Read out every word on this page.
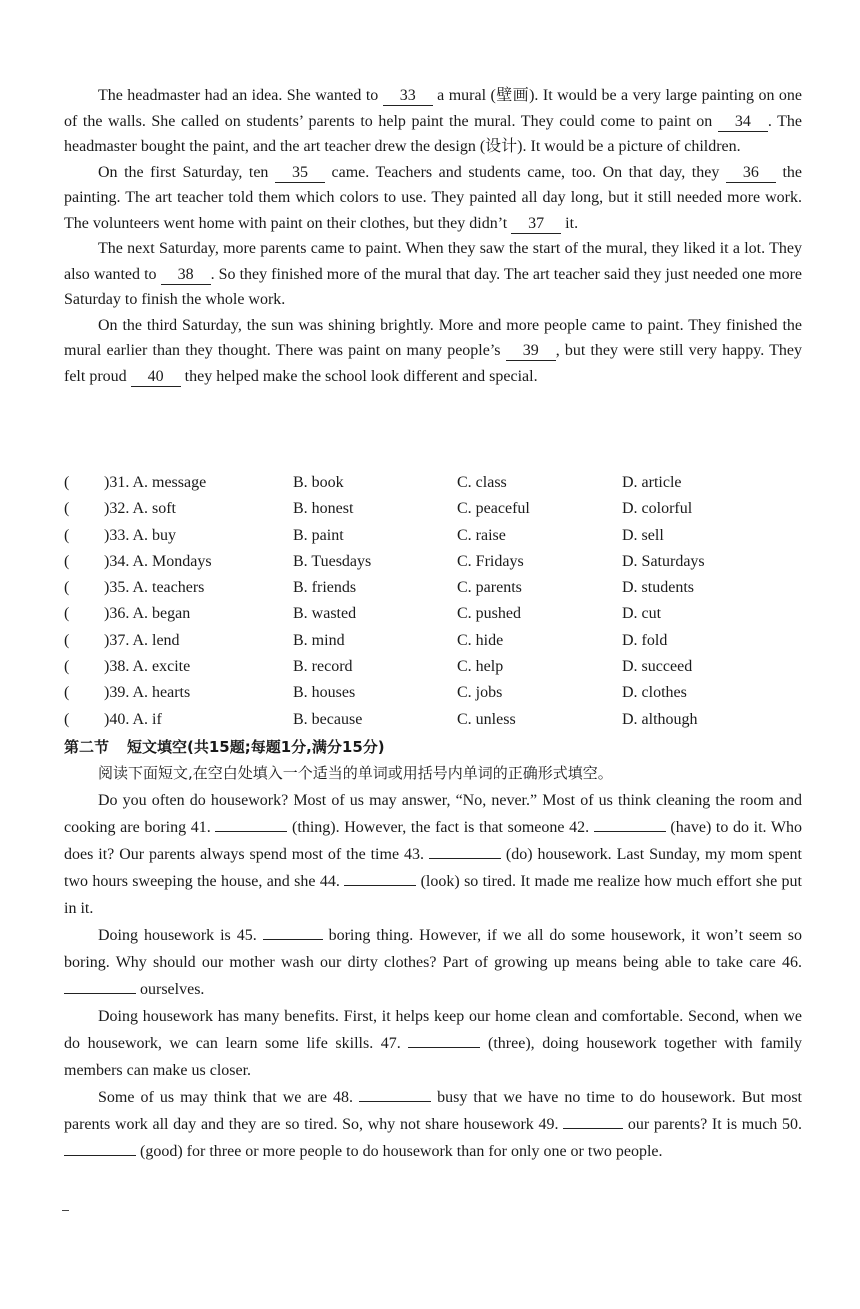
The headmaster had an idea. She wanted to 33 a mural (壁画). It would be a very large painting on one of the walls. She called on students’ parents to help paint the mural. They could come to paint on 34 . The headmaster bought the paint, and the art teacher drew the design (设计). It would be a picture of children.

On the first Saturday, ten 35 came. Teachers and students came, too. On that day, they 36 the painting. The art teacher told them which colors to use. They painted all day long, but it still needed more work. The volunteers went home with paint on their clothes, but they didn’t 37 it.

The next Saturday, more parents came to paint. When they saw the start of the mural, they liked it a lot. They also wanted to 38 . So they finished more of the mural that day. The art teacher said they just needed one more Saturday to finish the whole work.

On the third Saturday, the sun was shining brightly. More and more people came to paint. They finished the mural earlier than they thought. There was paint on many people’s 39 , but they were still very happy. They felt proud 40 they helped make the school look different and special.

( )31. A. message	B. book	C. class	D. article
( )32. A. soft	B. honest	C. peaceful	D. colorful
( )33. A. buy	B. paint	C. raise	D. sell
( )34. A. Mondays	B. Tuesdays	C. Fridays	D. Saturdays
( )35. A. teachers	B. friends	C. parents	D. students
( )36. A. began	B. wasted	C. pushed	D. cut
( )37. A. lend	B. mind	C. hide	D. fold
( )38. A. excite	B. record	C. help	D. succeed
( )39. A. hearts	B. houses	C. jobs	D. clothes
( )40. A. if	B. because	C. unless	D. although
第二节 短文填空(共15题;每题1分,满分15分)
阅读下面短文,在空白处填入一个适当的单词或用括号内单词的正确形式填空。

Do you often do housework? Most of us may answer, “No, never.” Most of us think cleaning the room and cooking are boring 41.	(thing). However, the fact is that someone 42.	(have) to do it. Who does it? Our parents always spend most of the time 43.	(do) housework. Last Sunday, my mom spent two hours sweeping the house, and she 44.	(look) so tired. It made me realize how much effort she put in it.

Doing housework is 45.	boring thing. However, if we all do some housework, it won’t seem so boring. Why should our mother wash our dirty clothes? Part of growing up means being able to take care 46.  ourselves.

Doing housework has many benefits. First, it helps keep our home clean and comfortable. Second, when we do housework, we can learn some life skills. 47.	(three), doing housework together with family members can make us closer.

Some of us may think that we are 48.	busy that we have no time to do housework. But most parents work all day and they are so tired. So, why not share housework 49.	our parents? It is much 50.  (good) for three or more people to do housework than for only one or two people.
